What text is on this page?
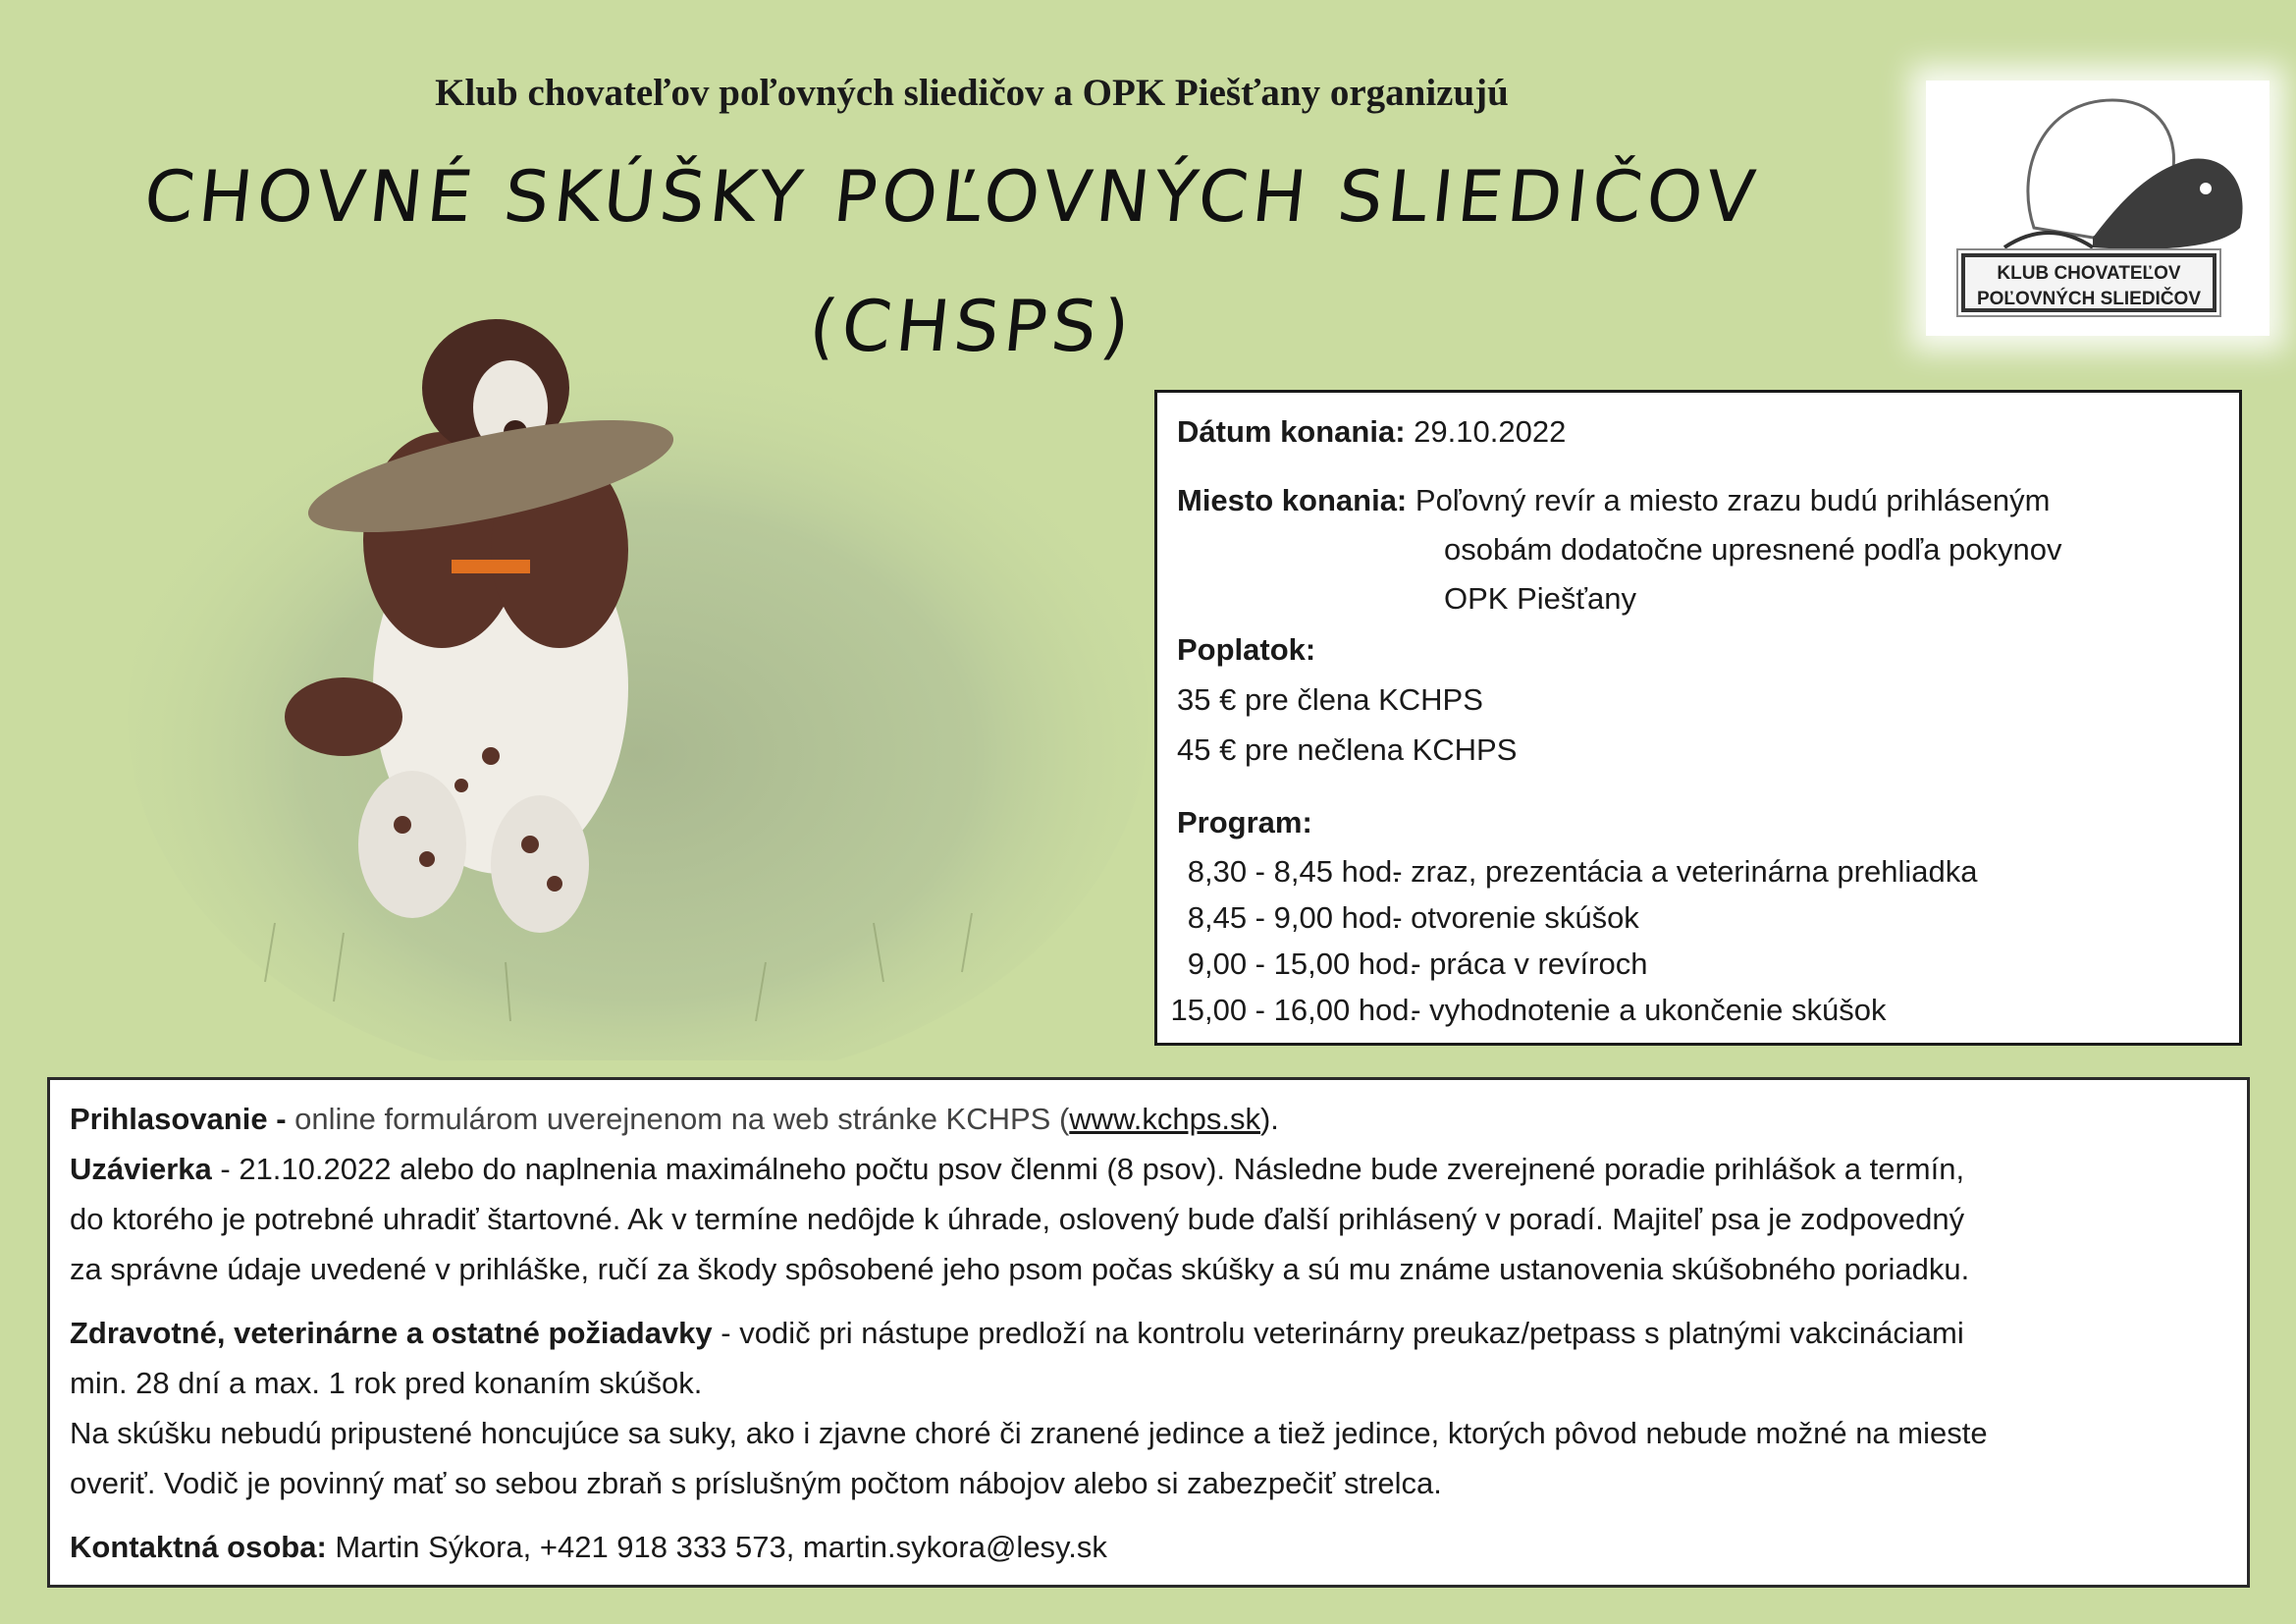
Klub chovateľov poľovných sliedičov a OPK Piešťany organizujú
CHOVNÉ SKÚŠKY POĽOVNÝCH SLIEDIČOV
(CHSPS)
KLUB CHOVATEĽOV
POĽOVNÝCH SLIEDIČOV
Dátum konania: 29.10.2022
Miesto konania: Poľovný revír a miesto zrazu budú prihláseným
osobám dodatočne upresnené podľa pokynov
OPK Piešťany
Poplatok:
35 € pre člena KCHPS
45 € pre nečlena KCHPS
Program:
8,30 - 8,45 hod. - zraz, prezentácia a veterinárna prehliadka
8,45 - 9,00 hod. - otvorenie skúšok
9,00 - 15,00 hod. - práca v revíroch
15,00 - 16,00 hod. - vyhodnotenie a ukončenie skúšok

Prihlasovanie - online formulárom uverejnenom na web stránke KCHPS (www.kchps.sk).

Uzávierka - 21.10.2022 alebo do naplnenia maximálneho počtu psov členmi (8 psov). Následne bude zverejnené poradie prihlášok a termín,

do ktorého je potrebné uhradiť štartovné. Ak v termíne nedôjde k úhrade, oslovený bude ďalší prihlásený v poradí. Majiteľ psa je zodpovedný

za správne údaje uvedené v prihláške, ručí za škody spôsobené jeho psom počas skúšky a sú mu známe ustanovenia skúšobného poriadku.

Zdravotné, veterinárne a ostatné požiadavky - vodič pri nástupe predloží na kontrolu veterinárny preukaz/petpass s platnými vakcináciami

min. 28 dní a max. 1 rok pred konaním skúšok.

Na skúšku nebudú pripustené honcujúce sa suky, ako i zjavne choré či zranené jedince a tiež jedince, ktorých pôvod nebude možné na mieste

overiť. Vodič je povinný mať so sebou zbraň s príslušným počtom nábojov alebo si zabezpečiť strelca.

Kontaktná osoba: Martin Sýkora, +421 918 333 573, martin.sykora@lesy.sk
